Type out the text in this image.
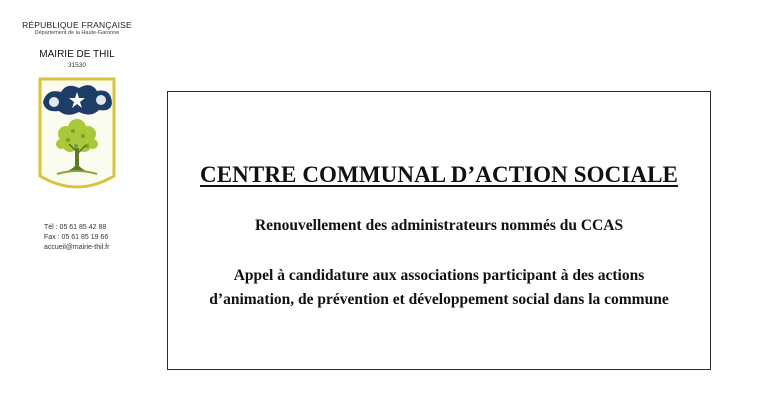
RÉPUBLIQUE FRANÇAISE
Département de la Haute-Garonne
MAIRIE DE THIL
31530
Tél : 05 61 85 42 88
Fax : 05 61 85 19 66
accueil@mairie-thil.fr
CENTRE COMMUNAL D’ACTION SOCIALE
Renouvellement des administrateurs nommés du CCAS
Appel à candidature aux associations participant à des actions
d’animation, de prévention et développement social dans la commune
